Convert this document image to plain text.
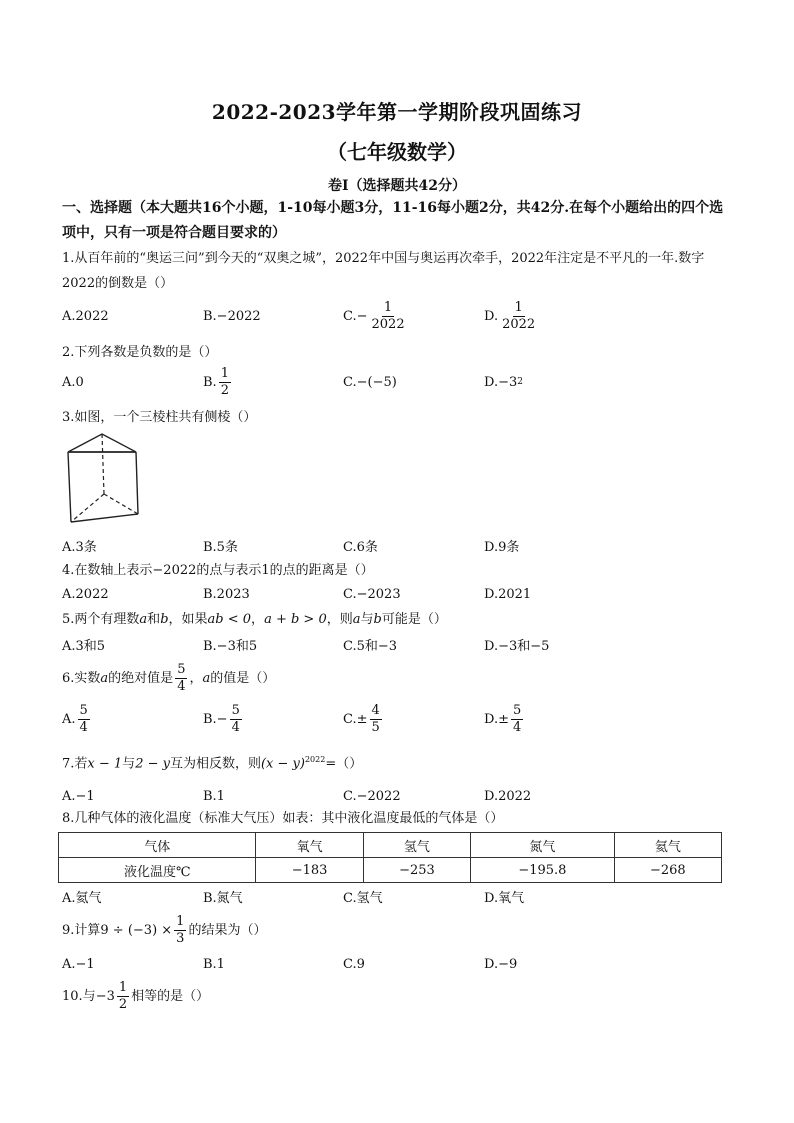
2022-2023学年第一学期阶段巩固练习
（七年级数学）
卷Ⅰ（选择题共42分）
一、选择题（本大题共16个小题，1-10每小题3分，11-16每小题2分，共42分.在每个小题给出的四个选项中，只有一项是符合题目要求的）
1.从百年前的“奥运三问”到今天的“双奥之城”，2022年中国与奥运再次牵手，2022年注定是不平凡的一年.数字2022的倒数是（）
A.2022	B.−2022	$C.- \frac{1}{2022}$	D. $\frac{1}{2022}$
2.下列各数是负数的是（）
A.0	B. $\frac{1}{2}$	C.−(−5)	D.−3 2
3.如图，一个三棱柱共有侧棱（）
A.3条	B.5条	C.6条	D.9条
4.在数轴上表示−2022的点与表示1的点的距离是（）
A.2022	B.2023	C.−2023	D.2021
5.两个有理数a和b，如果ab < 0，a + b > 0，则a与b可能是（）
A.3和5	B.−3和5	C.5和−3	D.−3和−5
6.实数 a 的绝对值是 $\frac{5}{4}$ ， a 的值是（）
A. $\frac{5}{4}$	$B.- \frac{5}{4}$	$C.\pm \frac{4}{5}$	$D.\pm \frac{5}{4}$
7.若x − 1与2 − y互为相反数，则$(x - y)^{2022}=()$
A.−1	B.1	C.−2022	D.2022
8.几种气体的液化温度（标准大气压）如表：其中液化温度最低的气体是（）
气体	氧气	氢气	氮气	氦气
液化温度℃	−183	−253	−195.8	−268
A.氦气	B.氮气	C.氢气	D.氧气
9.计算 $9 \div (-3) \times \frac{1}{3}$ 的结果为（）
A.−1	B.1	C.9	D.−9
10.与 $-3 \frac{1}{2}$ 相等的是（）
